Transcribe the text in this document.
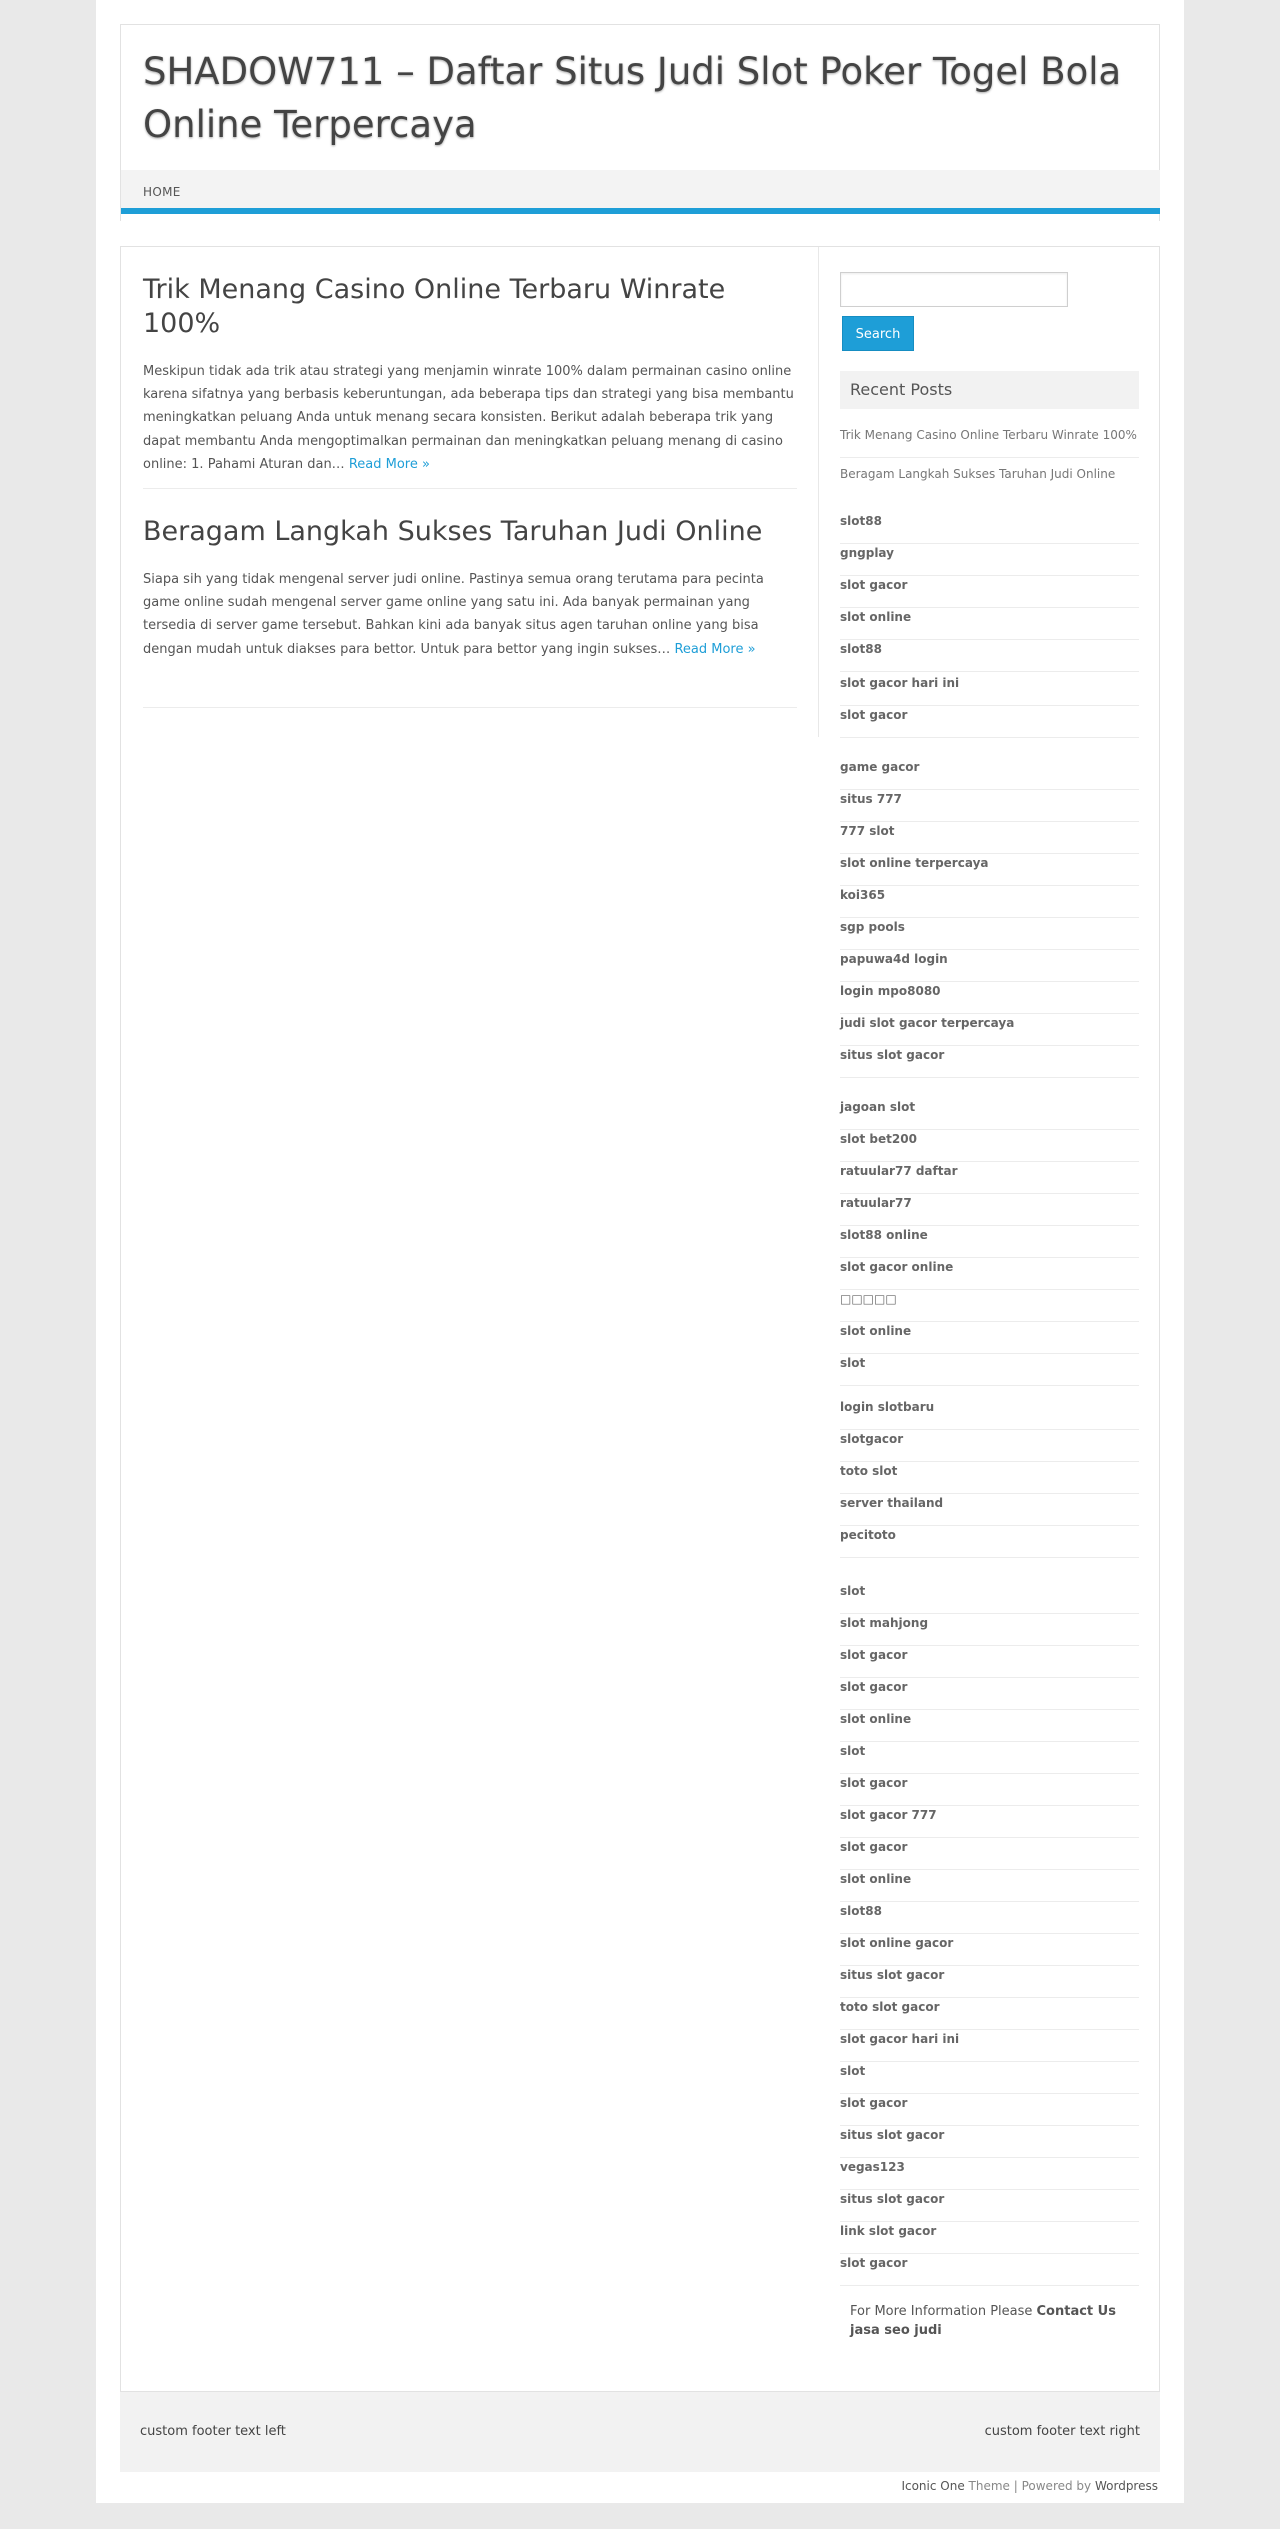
SHADOW711 – Daftar Situs Judi Slot Poker Togel Bola Online Terpercaya
HOME
Trik Menang Casino Online Terbaru Winrate 100%

Meskipun tidak ada trik atau strategi yang menjamin winrate 100% dalam permainan casino online karena sifatnya yang berbasis keberuntungan, ada beberapa tips dan strategi yang bisa membantu meningkatkan peluang Anda untuk menang secara konsisten. Berikut adalah beberapa trik yang dapat membantu Anda mengoptimalkan permainan dan meningkatkan peluang menang di casino online: 1. Pahami Aturan dan… Read More »

Beragam Langkah Sukses Taruhan Judi Online

Siapa sih yang tidak mengenal server judi online. Pastinya semua orang terutama para pecinta game online sudah mengenal server game online yang satu ini. Ada banyak permainan yang tersedia di server game tersebut. Bahkan kini ada banyak situs agen taruhan online yang bisa dengan mudah untuk diakses para bettor. Untuk para bettor yang ingin sukses… Read More »

Search
Recent Posts
Trik Menang Casino Online Terbaru Winrate 100%
Beragam Langkah Sukses Taruhan Judi Online
slot88
gngplay
slot gacor
slot online
slot88
slot gacor hari ini
slot gacor
game gacor
situs 777
777 slot
slot online terpercaya
koi365
sgp pools
papuwa4d login
login mpo8080
judi slot gacor terpercaya
situs slot gacor
jagoan slot
slot bet200
ratuular77 daftar
ratuular77
slot88 online
slot gacor online
□□□□□
slot online
slot
login slotbaru
slotgacor
toto slot
server thailand
pecitoto
slot
slot mahjong
slot gacor
slot gacor
slot online
slot
slot gacor
slot gacor 777
slot gacor
slot online
slot88
slot online gacor
situs slot gacor
toto slot gacor
slot gacor hari ini
slot
slot gacor
situs slot gacor
vegas123
situs slot gacor
link slot gacor
slot gacor
For More Information Please Contact Us
jasa seo judi
custom footer text left	custom footer text right
Iconic One Theme | Powered by Wordpress
